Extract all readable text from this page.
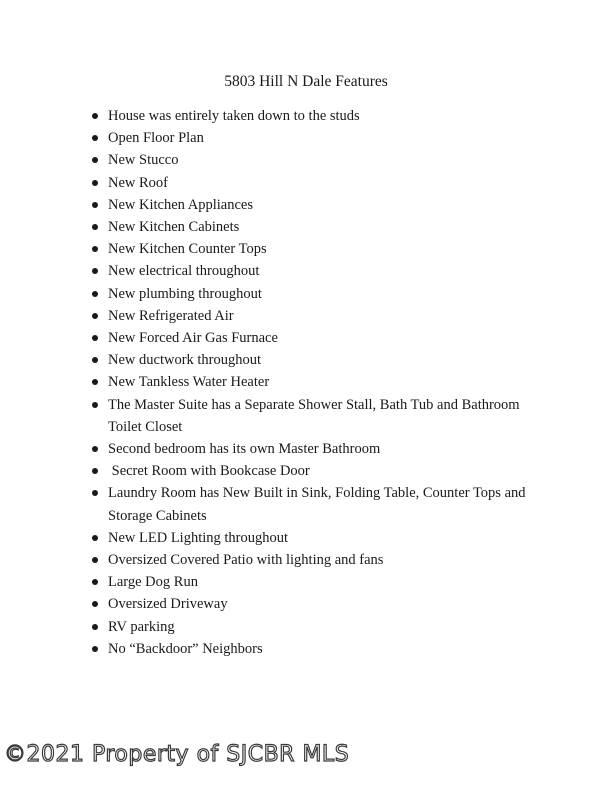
5803 Hill N Dale Features
House was entirely taken down to the studs
Open Floor Plan
New Stucco
New Roof
New Kitchen Appliances
New Kitchen Cabinets
New Kitchen Counter Tops
New electrical throughout
New plumbing throughout
New Refrigerated Air
New Forced Air Gas Furnace
New ductwork throughout
New Tankless Water Heater
The Master Suite has a Separate Shower Stall, Bath Tub and Bathroom Toilet Closet
Second bedroom has its own Master Bathroom
Secret Room with Bookcase Door
Laundry Room has New Built in Sink, Folding Table, Counter Tops and Storage Cabinets
New LED Lighting throughout
Oversized Covered Patio with lighting and fans
Large Dog Run
Oversized Driveway
RV parking
No “Backdoor” Neighbors
©2021 Property of SJCBR MLS
